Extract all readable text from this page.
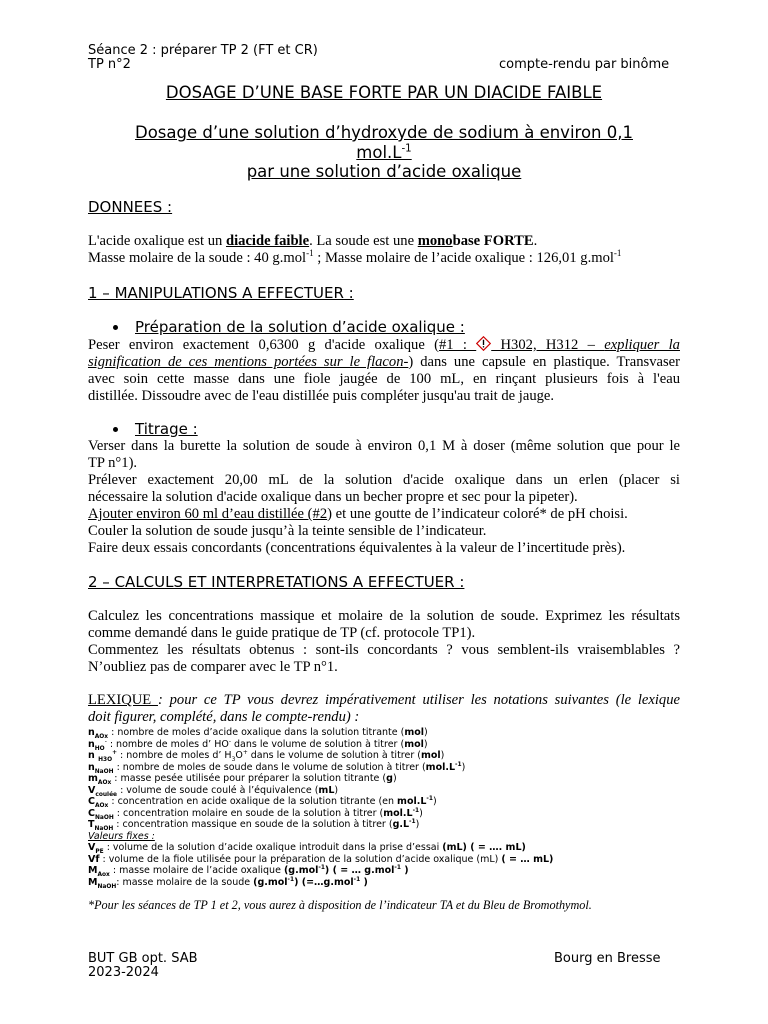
Séance 2 : préparer TP 2 (FT et CR)
TP n°2	compte-rendu par binôme
DOSAGE D’UNE BASE FORTE PAR UN DIACIDE FAIBLE
Dosage d’une solution d’hydroxyde de sodium à environ 0,1
$mol.L^{-1}$
par une solution d’acide oxalique
DONNEES :
L'acide oxalique est un diacide faible. La soude est une monobase FORTE.
Masse molaire de la soude : 40 g.mol$^{-1}$ ; Masse molaire de l’acide oxalique : 126,01 g.mol$^{-1}$
1 – MANIPULATIONS A EFFECTUER :
Préparation de la solution d’acide oxalique :
Peser environ exactement 0,6300 g d'acide oxalique (#1 :  H302, H312 – expliquer la
signification de ces mentions portées sur le flacon-) dans une capsule en plastique. Transvaser
avec soin cette masse dans une fiole jaugée de 100 mL, en rinçant plusieurs fois à l'eau
distillée. Dissoudre avec de l'eau distillée puis compléter jusqu'au trait de jauge.
Titrage :
Verser dans la burette la solution de soude à environ 0,1 M à doser (même solution que pour le
TP n°1).
Prélever exactement 20,00 mL de la solution d'acide oxalique dans un erlen (placer si
nécessaire la solution d'acide oxalique dans un becher propre et sec pour la pipeter).
Ajouter environ 60 ml d’eau distillée (#2) et une goutte de l’indicateur coloré* de pH choisi.
Couler la solution de soude jusqu’à la teinte sensible de l’indicateur.
Faire deux essais concordants (concentrations équivalentes à la valeur de l’incertitude près).
2 – CALCULS ET INTERPRETATIONS A EFFECTUER :
Calculez les concentrations massique et molaire de la solution de soude. Exprimez les résultats
comme demandé dans le guide pratique de TP (cf. protocole TP1).
Commentez les résultats obtenus : sont-ils concordants ? vous semblent-ils vraisemblables ?
N’oubliez pas de comparer avec le TP n°1.
LEXIQUE : pour ce TP vous devrez impérativement utiliser les notations suivantes (le lexique
doit figurer, complété, dans le compte-rendu) :
$n_{AOx}$ : nombre de moles d’acide oxalique dans la solution titrante (mol)
$n_{HO}^-$ : nombre de moles d’ HO- dans le volume de solution à titrer (mol)
n $_{H3O}$+ : nombre de moles d’ $H_3O^+$ dans le volume de solution à titrer (mol)
$n_{NaOH}$ : nombre de moles de soude dans le volume de solution à titrer $(mol.L^{-1})$
$m_{AOx}$ : masse pesée utilisée pour préparer la solution titrante (g)
$V_{coulée}$ : volume de soude coulé à l’équivalence (mL)
$C_{AOx}$ : concentration en acide oxalique de la solution titrante (en $mol.L^{-1}$)
$C_{NaOH}$ : concentration molaire en soude de la solution à titrer $(mol.L^{-1})$
$T_{NaOH}$ : concentration massique en soude de la solution à titrer $(g.L^{-1})$
Valeurs fixes :
$V_{PE}$ : volume de la solution d’acide oxalique introduit dans la prise d’essai (mL) ( = …. mL)
Vf : volume de la fiole utilisée pour la préparation de la solution d’acide oxalique (mL) ( = … mL)
$M_{Aox}$ : masse molaire de l’acide oxalique (g.mol$^{-1}$) ( = … g.mol$^{-1}$ )
$M_{NaOH}$: masse molaire de la soude (g.mol$^{-1}$) (=…g.mol$^{-1}$ )
*Pour les séances de TP 1 et 2, vous aurez à disposition de l’indicateur TA et du Bleu de Bromothymol.
BUT GB opt. SAB
2023-2024
Bourg en Bresse
